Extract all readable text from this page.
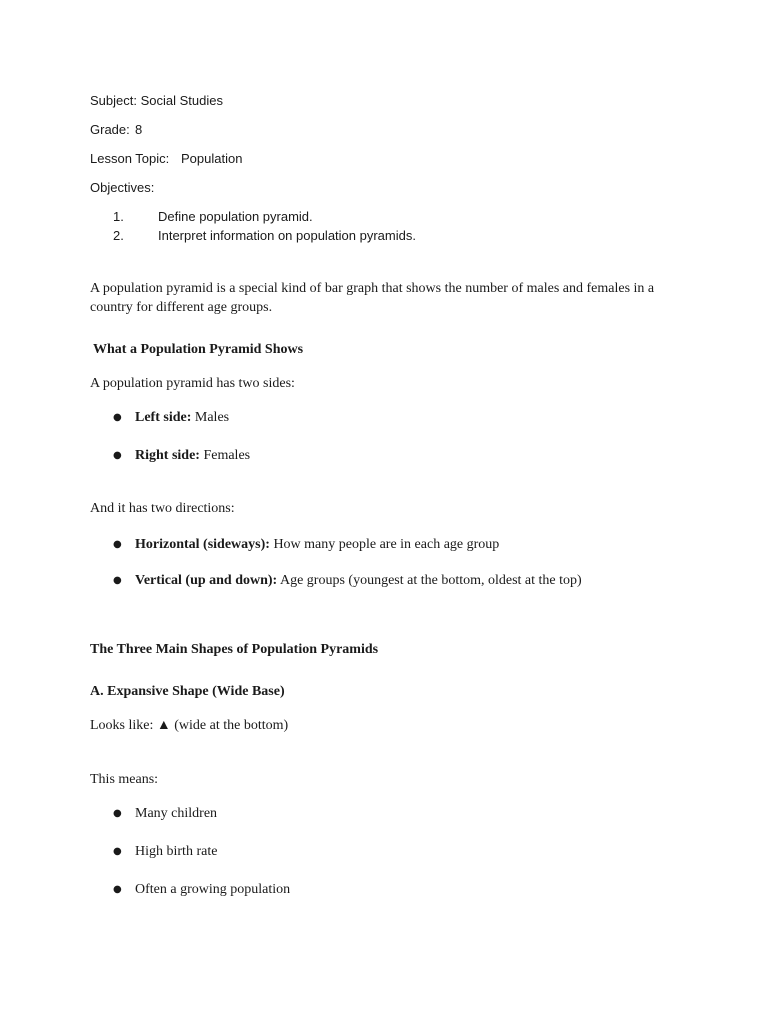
Subject: Social Studies
Grade: 8
Lesson Topic: Population
Objectives:
1.	Define population pyramid.
2.	Interpret information on population pyramids.
A population pyramid is a special kind of bar graph that shows the number of males and females in a
country for different age groups.
What a Population Pyramid Shows
A population pyramid has two sides:
● Left side: Males
● Right side: Females
And it has two directions:
● Horizontal (sideways): How many people are in each age group
● Vertical (up and down): Age groups (youngest at the bottom, oldest at the top)
The Three Main Shapes of Population Pyramids
A. Expansive Shape (Wide Base)
Looks like: ▲ (wide at the bottom)
This means:
● Many children
● High birth rate
● Often a growing population
